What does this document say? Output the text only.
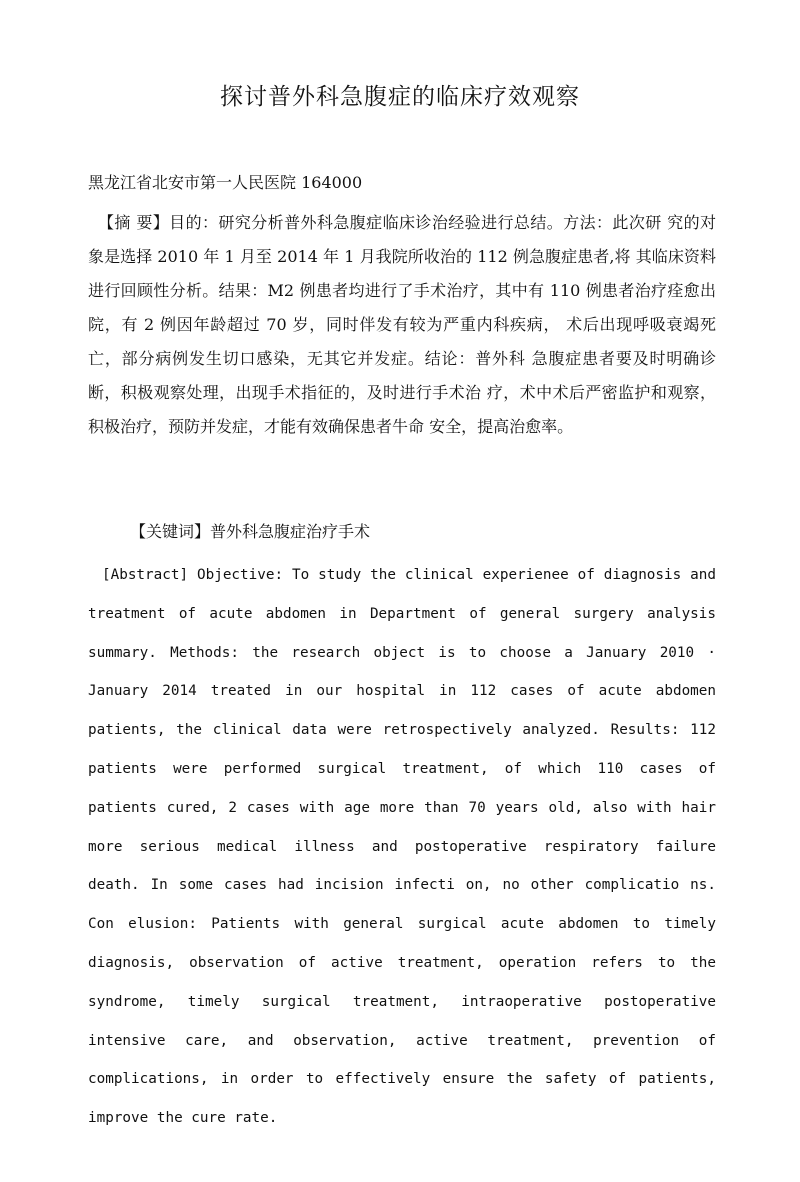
探讨普外科急腹症的临床疗效观察
黑龙江省北安市第一人民医院 164000
【摘 要】目的：研究分析普外科急腹症临床诊治经验进行总结。方法：此次研 究的对象是选择 2010 年 1 月至 2014 年 1 月我院所收治的 112 例急腹症患者,将 其临床资料进行回顾性分析。结果：M2 例患者均进行了手术治疗，其中有 110 例患者治疗痊愈出院，有 2 例因年龄超过 70 岁，同时伴发有较为严重内科疾病， 术后出现呼吸衰竭死亡，部分病例发生切口感染，无其它并发症。结论：普外科 急腹症患者要及时明确诊断，积极观察处理，出现手术指征的，及时进行手术治 疗，术中术后严密监护和观察，积极治疗，预防并发症，才能有效确保患者牛命 安全，提高治愈率。
【关键词】普外科急腹症治疗手术
[Abstract] Objective: To study the clinical experienee of diagnosis and treatment of acute abdomen in Department of general surgery analysis summary. Methods: the research object is to choose a January 2010 · January 2014 treated in our hospital in 112 cases of acute abdomen patients, the clinical data were retrospectively analyzed. Results: 112 patients were performed surgical treatment, of which 110 cases of patients cured, 2 cases with age more than 70 years old, also with hair more serious medical illness and postoperative respiratory failure death. In some cases had incision infecti on, no other complicatio ns. Con elusion: Patients with general surgical acute abdomen to timely diagnosis, observation of active treatment, operation refers to the syndrome, timely surgical treatment, intraoperative postoperative intensive care, and observation, active treatment, prevention of complications, in order to effectively ensure the safety of patients, improve the cure rate.
